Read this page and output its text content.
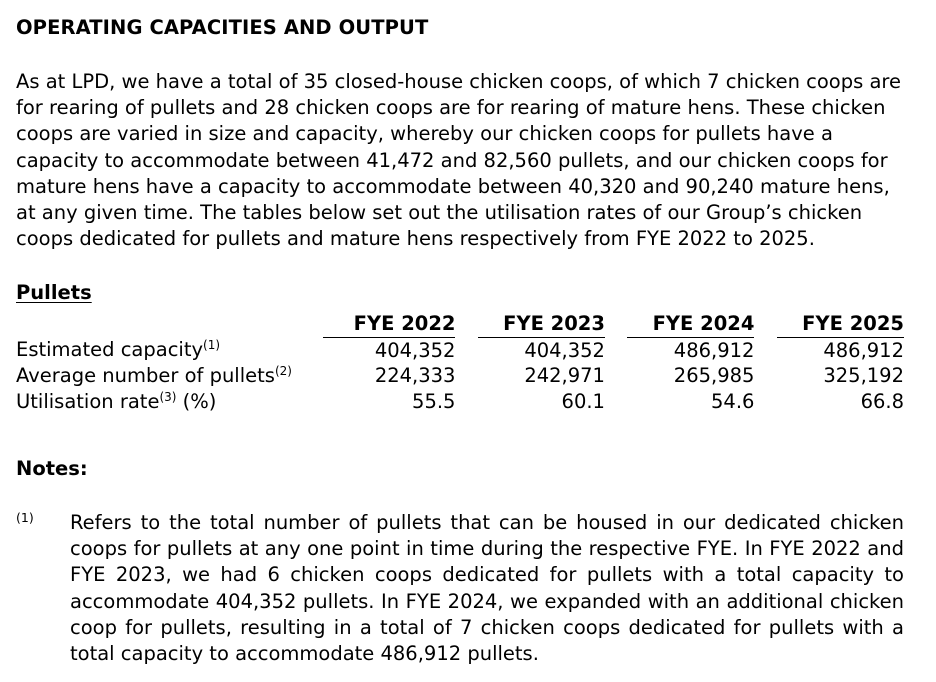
OPERATING CAPACITIES AND OUTPUT

As at LPD, we have a total of 35 closed-house chicken coops, of which 7 chicken coops are for rearing of pullets and 28 chicken coops are for rearing of mature hens. These chicken coops are varied in size and capacity, whereby our chicken coops for pullets have a capacity to accommodate between 41,472 and 82,560 pullets, and our chicken coops for mature hens have a capacity to accommodate between 40,320 and 90,240 mature hens, at any given time. The tables below set out the utilisation rates of our Group’s chicken coops dedicated for pullets and mature hens respectively from FYE 2022 to 2025.

Pullets
	FYE 2022		FYE 2023		FYE 2024		FYE 2025
Estimated capacity$^{(1)}$	404,352		404,352		486,912		486,912
Average number of pullets$^{(2)}$	224,333		242,971		265,985		325,192
Utilisation rate$^{(3)}$ (%)	55.5		60.1		54.6		66.8
Notes:
(1) Refers to the total number of pullets that can be housed in our dedicated chicken coops for pullets at any one point in time during the respective FYE. In FYE 2022 and FYE 2023, we had 6 chicken coops dedicated for pullets with a total capacity to accommodate 404,352 pullets. In FYE 2024, we expanded with an additional chicken coop for pullets, resulting in a total of 7 chicken coops dedicated for pullets with a total capacity to accommodate 486,912 pullets.
